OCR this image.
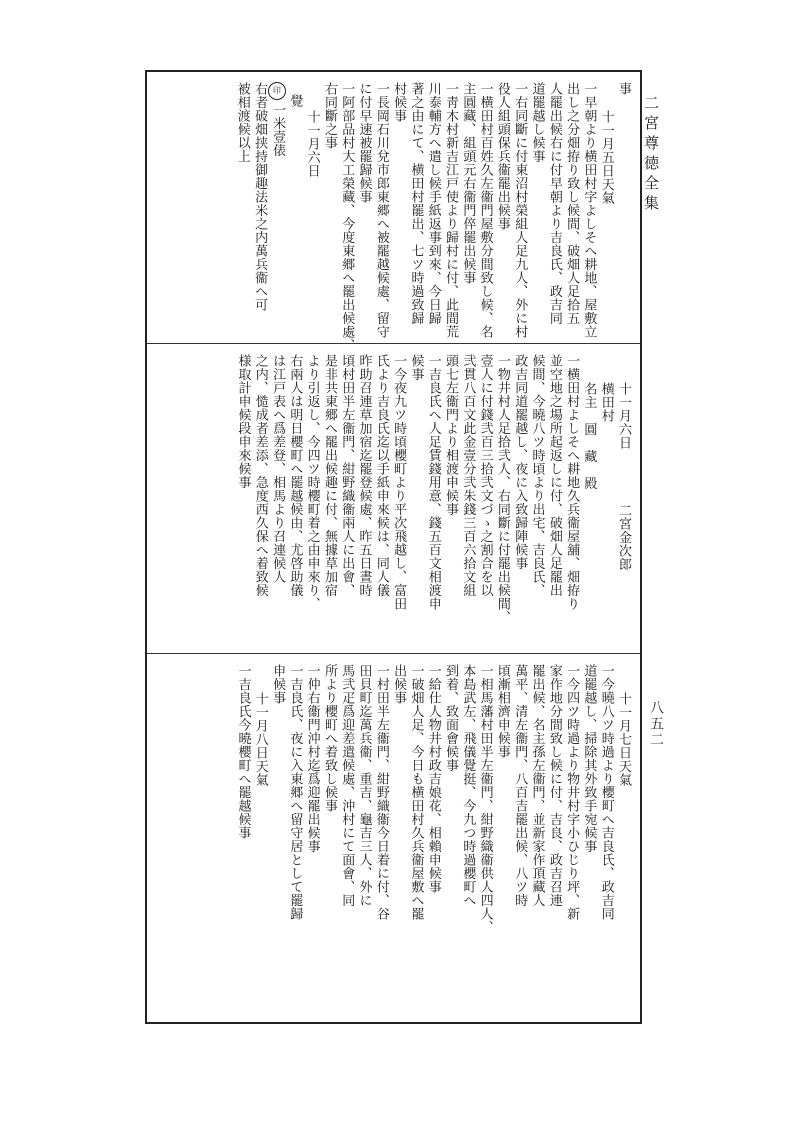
二宮尊徳全集
八五二
事
十一月五日天氣
一早朝より横田村字よしそへ耕地、屋敷立
出し之分畑拵り致し候間、破畑人足拾五
人罷出候右に付早朝より吉良氏、政吉同
道罷越し候事
一右同斷に付東沼村榮組人足九人、外に村
役人組頭保兵衞罷出候事
一横田村百姓久左衞門屋敷分間致し候、名
主圓藏、組頭元右衞門倅罷出候事
一靑木村新吉江戸使より歸村に付、此間荒
川泰輔方へ遣し候手紙返事到來、今日歸
著之由にて、横田村罷出、七ツ時過致歸
村候事
一長岡石川兌市郎東郷へ被罷越候處、留守
に付早速被罷歸候事
一阿部品村大工榮藏、今度東郷へ罷出候處、
右同斷之事
十一月六日
覺
印一米壹俵
右者破畑挟持御趣法米之内萬兵衞へ可
被相渡候以上
十一月六日　　　　二宮金次郎
横田村
名主　圓　藏　殿
一横田村よしそへ耕地久兵衞屋舖、畑拵り
並空地之場所起返しに付、破畑人足罷出
候間、今曉八ツ時頃より出宅、吉良氏、
政吉同道罷越し、夜に入致歸陣候事
一物井村人足拾弐人、右同斷に付罷出候間、
壹人に付錢弐百三拾弐文づゝ之割合を以
弐貫八百文此金壹分弐朱錢三百六拾文組
頭七左衞門より相渡申候事
一吉良氏へ人足賃錢用意、錢五百文相渡申
候事
一今夜九ツ時頃櫻町より平次飛越し、富田
氏より吉良氏迄以手紙申來候は、同人儀
昨助召連草加宿迄罷登候處、昨五日晝時
頃村田半左衞門、紺野織衞兩人に出會、
是非共東郷へ罷出候趣に付、無據草加宿
より引返し、今四ツ時櫻町着之由申來り、
右兩人は明日櫻町へ罷越候由、尤啓助儀
は江戸表へ爲差登、相馬より召連候人
之内、慥成者差添、急度西久保へ着致候
様取計申候段申來候事
十一月七日天氣
一今曉八ツ時過より櫻町へ吉良氏、政吉同
道罷越し、掃除其外致手宛候事
一今四ツ時過より物井村字小ひじり坪、新
家作地分間致し候に付、吉良、政吉召連
罷出候、名主孫左衞門、並新家作頂藏人
萬平、清左衞門、八百吉罷出候、八ツ時
頃漸相濟申候事
一相馬藩村田半左衞門、紺野織衞供人四人、
本島武左、飛儀覺挺、今九つ時過櫻町へ
到着、致面會候事
一給仕人物井村政吉娘花、相賴申候事
一破畑人足、今日も横田村久兵衞屋敷へ罷
出候事
一村田半左衞門、紺野織衞今日着に付、谷
田貝町迄萬兵衞、重吉、龜吉三人、外に
馬弐疋爲迎差遣候處、沖村にて面會、同
所より櫻町へ着致し候事
一仲右衞門沖村迄爲迎罷出候事
一吉良氏、夜に入東郷へ留守居として罷歸
申候事
十一月八日天氣
一吉良氏今曉櫻町へ罷越候事
